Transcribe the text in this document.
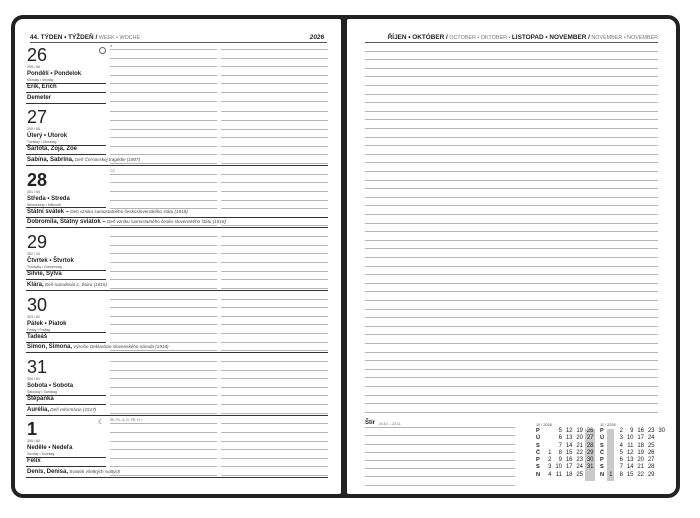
44. TÝDEN • TÝŽDEŇ / WEEK • WOCHE	2026
26
299 / 66
Pondělí • Pondelok
Monday • Montag
Erik, Erich
Demeter
A
27
300 / 65
Úterý • Utorok
Tuesday • Dienstag
Šarlota, Zoja, Zoe
Sabína, Sabrina, Deň Černovskej tragédie (1907)
28
301 / 64
Středa • Streda
Wednesday • Mittwoch
Státní svátek – Den vzniku samostatného československého státu (1918)
Dobromila, Štátny sviatok – Deň vzniku samostatného česko-slovenského štátu (1918)
CZ
29
302 / 63
Čtvrtek • Štvrtok
Thursday • Donnerstag
Silvie, Sylva
Klára, Deň narodenia Ľ. Štúra (1815)
30
303 / 62
Pátek • Piatok
Friday • Freitag
Tadeáš
Šimon, Simona, Výročie Deklarácie slovenského národa (1918)
31
304 / 61
Sobota • Sobota
Saturday • Samstag
Štěpánka
Aurélia, Deň reformácie (1517)
1
305 / 60
Neděle • Nedeľa
Sunday • Sonntag
Felix
Denis, Denisa, Sviatok všetkých svätých
SK, PL, A, D, FR, H, I
☾
ŘÍJEN • OKTÓBER / OCTOBER • OKTOBER • LISTOPAD • NOVEMBER / NOVEMBER • NOVEMBER
Štír 24.10. – 22.11.	10 / 2026
P
Ú
S
Č
P
S
N

1
2
3
4
5
6
7
8
9
10
11
12
13
14
15
16
17
18
19
20
21
22
23
24
25
26
27
28
29
30
31

11 / 2026
P
Ú
S
Č
P
S
N

1
2
3
4
5
6
7
8
9
10
11
12
13
14
15
16
17
18
19
20
21
22
23
24
25
26
27
28
29
30
